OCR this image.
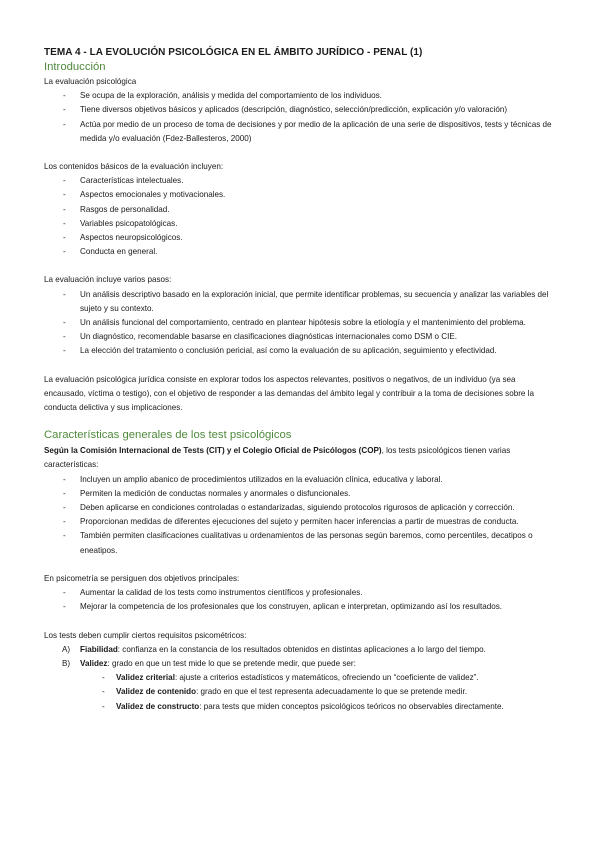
TEMA 4 - LA EVOLUCIÓN PSICOLÓGICA EN EL ÁMBITO JURÍDICO - PENAL (1)
Introducción
La evaluación psicológica
- Se ocupa de la exploración, análisis y medida del comportamiento de los individuos.
- Tiene diversos objetivos básicos y aplicados (descripción, diagnóstico, selección/predicción, explicación y/o valoración)
- Actúa por medio de un proceso de toma de decisiones y por medio de la aplicación de una serie de dispositivos, tests y técnicas de medida y/o evaluación (Fdez-Ballesteros, 2000)
Los contenidos básicos de la evaluación incluyen:
- Características intelectuales.
- Aspectos emocionales y motivacionales.
- Rasgos de personalidad.
- Variables psicopatológicas.
- Aspectos neuropsicológicos.
- Conducta en general.
La evaluación incluye varios pasos:
- Un análisis descriptivo basado en la exploración inicial, que permite identificar problemas, su secuencia y analizar las variables del sujeto y su contexto.
- Un análisis funcional del comportamiento, centrado en plantear hipótesis sobre la etiología y el mantenimiento del problema.
- Un diagnóstico, recomendable basarse en clasificaciones diagnósticas internacionales como DSM o CIE.
- La elección del tratamiento o conclusión pericial, así como la evaluación de su aplicación, seguimiento y efectividad.
La evaluación psicológica jurídica consiste en explorar todos los aspectos relevantes, positivos o negativos, de un individuo (ya sea encausado, víctima o testigo), con el objetivo de responder a las demandas del ámbito legal y contribuir a la toma de decisiones sobre la conducta delictiva y sus implicaciones.
Características generales de los test psicológicos
Según la Comisión Internacional de Tests (CIT) y el Colegio Oficial de Psicólogos (COP), los tests psicológicos tienen varias características:
- Incluyen un amplio abanico de procedimientos utilizados en la evaluación clínica, educativa y laboral.
- Permiten la medición de conductas normales y anormales o disfuncionales.
- Deben aplicarse en condiciones controladas o estandarizadas, siguiendo protocolos rigurosos de aplicación y corrección.
- Proporcionan medidas de diferentes ejecuciones del sujeto y permiten hacer inferencias a partir de muestras de conducta.
- También permiten clasificaciones cualitativas u ordenamientos de las personas según baremos, como percentiles, decatipos o eneatipos.
En psicometría se persiguen dos objetivos principales:
- Aumentar la calidad de los tests como instrumentos científicos y profesionales.
- Mejorar la competencia de los profesionales que los construyen, aplican e interpretan, optimizando así los resultados.
Los tests deben cumplir ciertos requisitos psicométricos:
A) Fiabilidad: confianza en la constancia de los resultados obtenidos en distintas aplicaciones a lo largo del tiempo.
B) Validez: grado en que un test mide lo que se pretende medir, que puede ser:
- Validez criterial: ajuste a criterios estadísticos y matemáticos, ofreciendo un “coeficiente de validez”.
- Validez de contenido: grado en que el test representa adecuadamente lo que se pretende medir.
- Validez de constructo: para tests que miden conceptos psicológicos teóricos no observables directamente.
